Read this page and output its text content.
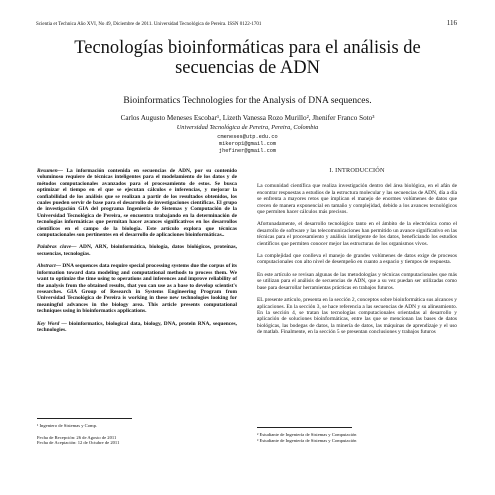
Scientia et Technica Año XVI, No 49, Diciembre de 2011. Universidad Tecnológica de Pereira. ISSN 0122-1701	116
Tecnologías bioinformáticas para el análisis de
secuencias de ADN
Bioinformatics Technologies for the Analysis of DNA sequences.
Carlos Augusto Meneses Escobar¹, Lizeth Vanessa Rozo Murillo², Jhenifer Franco Soto³
Universidad Tecnológica de Pereira, Pereira, Colombia
cmeneses@utp.edu.co
mikerop1@gmail.com
jhefiner@gmail.com

Resumen— La información contenida en secuencias de ADN, por su contenido voluminoso requiere de técnicas inteligentes para el modelamiento de los datos y de métodos computacionales avanzados para el procesamiento de estos. Se busca optimizar el tiempo en el que se ejecutan cálculos e inferencias, y mejorar la confiabilidad de los análisis que se realizan a partir de los resultados obtenidos, los cuales pueden servir de base para el desarrollo de investigaciones científicas. El grupo de investigación GIA del programa Ingeniería de Sistemas y Computación de la Universidad Tecnológica de Pereira, se encuentra trabajando en la determinación de tecnologías informáticas que permitan hacer avances significativos en los desarrollos científicos en el campo de la biología. Este artículo explora que técnicas computacionales son pertinentes en el desarrollo de aplicaciones bioinformáticas..

Palabras clave— ADN, ARN, bioinformática, biología, datos biológicos, proteínas, secuencias, tecnologías.

Abstract— DNA sequences data require special processing systems due the corpus of its information toward data modeling and computational methods to process them. We want to optimize the time using to operations and inferences and improve reliability of the analysis from the obtained results, that you can use as a base to develop scientist's researches. GIA Group of Research in Systems Engineering Program from Universidad Tecnológica de Pereira is working in these new technologies looking for meaningful advances in the biology area. This article presents computational techniques using in bioinformatics applications.

Key Word — bioinformatics, biological data, biology, DNA, protein RNA, sequences, technologies.

¹ Ingeniero de Sistemas y Comp.
Fecha de Recepción: 26 de Agosto de 2011
Fecha de Aceptación: 12 de Octubre de 2011
I. INTRODUCCIÓN

La comunidad científica que realiza investigación dentro del área biológica, en el afán de encontrar respuestas a estudios de la estructura molecular y las secuencias de ADN, día a día se enfrenta a mayores retos que implican el manejo de enormes volúmenes de datos que crecen de manera exponencial en tamaño y complejidad, debido a los avances tecnológicos que permiten hacer cálculos más precisos.

Afortunadamente, el desarrollo tecnológico tanto en el ámbito de la electrónica como el desarrollo de software y las telecomunicaciones han permitido un avance significativo en las técnicas para el procesamiento y análisis inteligente de los datos, beneficiando los estudios científicos que permiten conocer mejor las estructuras de los organismos vivos.

La complejidad que conlleva el manejo de grandes volúmenes de datos exige de procesos computacionales con alto nivel de desempeño en cuanto a espacio y tiempos de respuesta.

En este artículo se revisan algunas de las metodologías y técnicas computacionales que más se utilizan para el análisis de secuencias de ADN, que a su vez puedan ser utilizadas como base para desarrollar herramientas prácticas en trabajos futuros.

EL presente artículo, presenta en la sección 2, conceptos sobre bioinformática sus alcances y aplicaciones. En la sección 3, se hace referencia a las secuencias de ADN y su alineamiento. En la sección 4, se tratan las tecnologías computacionales orientadas al desarrollo y aplicación de soluciones bioinformáticas, entre las que se mencionan las bases de datos biológicas, las bodegas de datos, la minería de datos, las máquinas de aprendizaje y el uso de matlab. Finalmente, en la sección 5 se presentan conclusiones y trabajos futuros

² Estudiante de Ingeniería de Sistemas y Computación
³ Estudiante de Ingeniería de Sistemas y Computación
